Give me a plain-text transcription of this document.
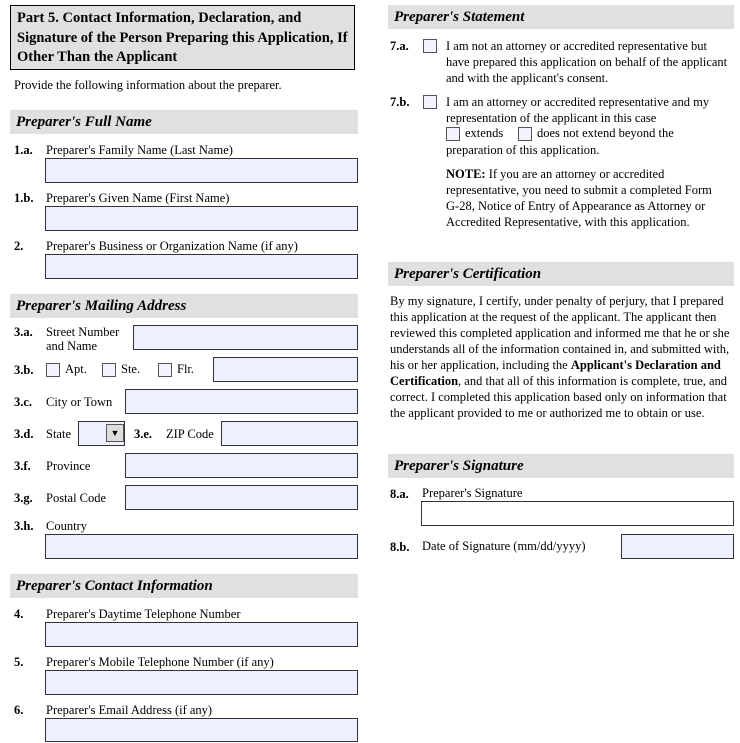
Part 5. Contact Information, Declaration, and Signature of the Person Preparing this Application, If Other Than the Applicant
Provide the following information about the preparer.
Preparer's Full Name
1.a. Preparer's Family Name (Last Name)
1.b. Preparer's Given Name (First Name)
2. Preparer's Business or Organization Name (if any)
Preparer's Mailing Address
3.a. Street Number
and Name
3.b.	Apt.	Ste.	Flr.
3.c. City or Town
3.d. State	▼	3.e. ZIP Code
3.f. Province
3.g. Postal Code
3.h. Country
Preparer's Contact Information
4. Preparer's Daytime Telephone Number
5. Preparer's Mobile Telephone Number (if any)
6. Preparer's Email Address (if any)
Preparer's Statement
7.a.	I am not an attorney or accredited representative but have prepared this application on behalf of the applicant and with the applicant's consent.
7.b.	I am an attorney or accredited representative and my representation of the applicant in this case
extends	does not extend beyond the
preparation of this application.
NOTE: If you are an attorney or accredited representative, you need to submit a completed Form G-28, Notice of Entry of Appearance as Attorney or Accredited Representative, with this application.
Preparer's Certification
By my signature, I certify, under penalty of perjury, that I prepared this application at the request of the applicant. The applicant then reviewed this completed application and informed me that he or she understands all of the information contained in, and submitted with, his or her application, including the Applicant's Declaration and Certification, and that all of this information is complete, true, and correct. I completed this application based only on information that the applicant provided to me or authorized me to obtain or use.
Preparer's Signature
8.a. Preparer's Signature
8.b. Date of Signature (mm/dd/yyyy)
